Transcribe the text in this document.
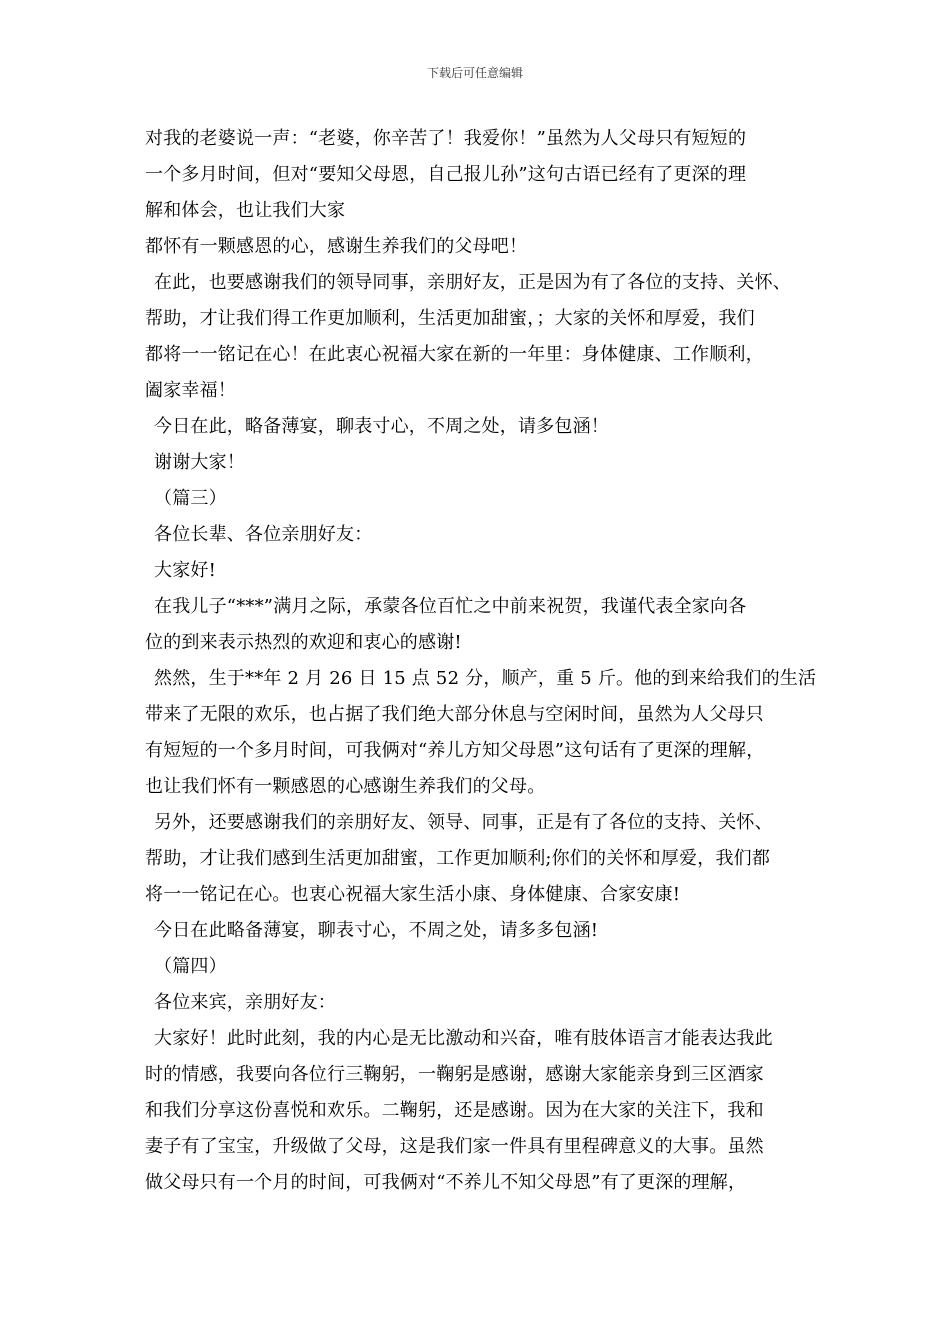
下载后可任意编辑
对我的老婆说一声：“老婆，你辛苦了！我爱你！”虽然为人父母只有短短的
一个多月时间，但对“要知父母恩，自己报儿孙”这句古语已经有了更深的理
解和体会，也让我们大家
都怀有一颗感恩的心，感谢生养我们的父母吧！
在此，也要感谢我们的领导同事，亲朋好友，正是因为有了各位的支持、关怀、
帮助，才让我们得工作更加顺利，生活更加甜蜜，；大家的关怀和厚爱，我们
都将一一铭记在心！在此衷心祝福大家在新的一年里：身体健康、工作顺利，
阖家幸福！
今日在此，略备薄宴，聊表寸心，不周之处，请多包涵！
谢谢大家！
（篇三）
各位长辈、各位亲朋好友：
大家好!
在我儿子“***”满月之际，承蒙各位百忙之中前来祝贺，我谨代表全家向各
位的到来表示热烈的欢迎和衷心的感谢!
然然，生于**年 2 月 26 日 15 点 52 分，顺产，重 5 斤。他的到来给我们的生活
带来了无限的欢乐，也占据了我们绝大部分休息与空闲时间，虽然为人父母只
有短短的一个多月时间，可我俩对“养儿方知父母恩”这句话有了更深的理解，
也让我们怀有一颗感恩的心感谢生养我们的父母。
另外，还要感谢我们的亲朋好友、领导、同事，正是有了各位的支持、关怀、
帮助，才让我们感到生活更加甜蜜，工作更加顺利;你们的关怀和厚爱，我们都
将一一铭记在心。也衷心祝福大家生活小康、身体健康、合家安康!
今日在此略备薄宴，聊表寸心，不周之处，请多多包涵!
（篇四）
各位来宾，亲朋好友：
大家好！此时此刻，我的内心是无比激动和兴奋，唯有肢体语言才能表达我此
时的情感，我要向各位行三鞠躬，一鞠躬是感谢，感谢大家能亲身到三区酒家
和我们分享这份喜悦和欢乐。二鞠躬，还是感谢。因为在大家的关注下，我和
妻子有了宝宝，升级做了父母，这是我们家一件具有里程碑意义的大事。虽然
做父母只有一个月的时间，可我俩对“不养儿不知父母恩”有了更深的理解，
